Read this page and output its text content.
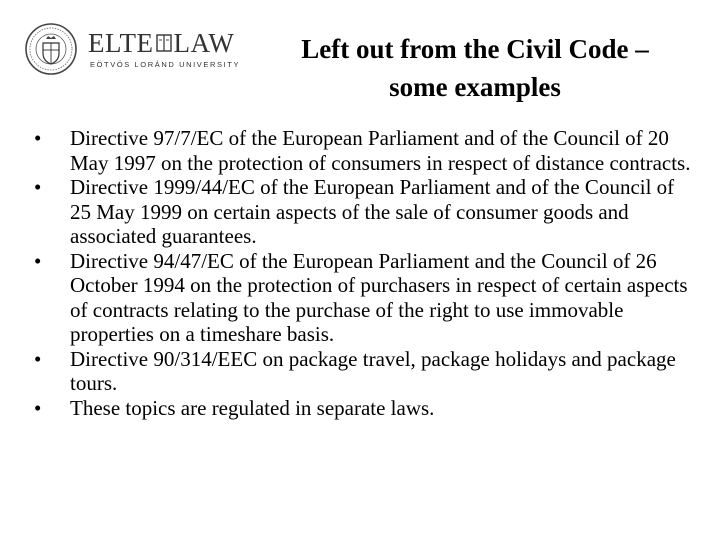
ELTE LAW
EÖTVÖS LORÁND UNIVERSITY
Left out from the Civil Code –
some examples
•	Directive 97/7/EC of the European Parliament and of the Council of 20 May 1997 on the protection of consumers in respect of distance contracts.
•	Directive 1999/44/EC of the European Parliament and of the Council of 25 May 1999 on certain aspects of the sale of consumer goods and associated guarantees.
•	Directive 94/47/EC of the European Parliament and the Council of 26 October 1994 on the protection of purchasers in respect of certain aspects of contracts relating to the purchase of the right to use immovable properties on a timeshare basis.
•	Directive 90/314/EEC on package travel, package holidays and package tours.
•	These topics are regulated in separate laws.
